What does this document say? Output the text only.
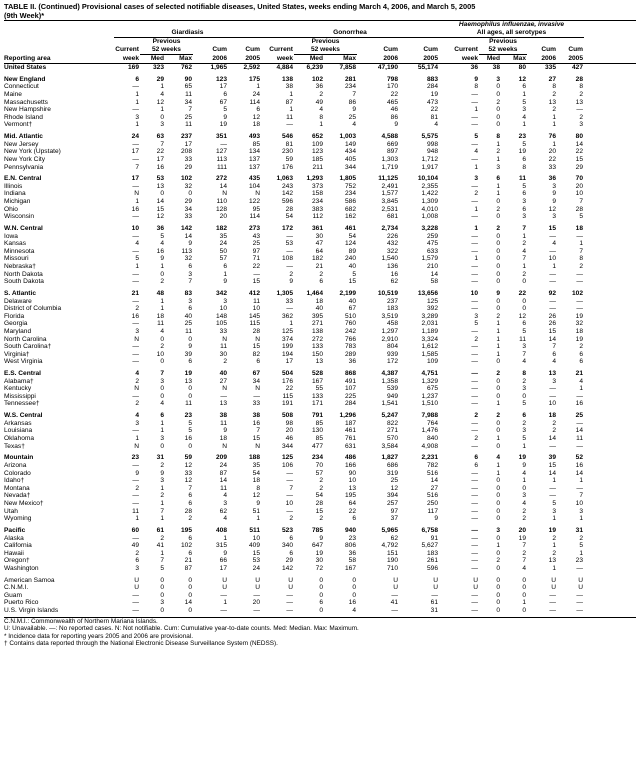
TABLE II. (Continued) Provisional cases of selected notifiable diseases, United States, weeks ending March 4, 2006, and March 5, 2005
(9th Week)*
											Haemophilus influenzae, invasive					
	Giardiasis					Gonorrhea					All ages, all serotypes					
		Previous					Previous					Previous				
	Current	52 weeks		Cum	Cum	Current	52 weeks		Cum	Cum	Current	52 weeks		Cum	Cum	
Reporting area	week	Med	Max	2006	2005	week	Med	Max	2006	2005	week	Med	Max	2006	2005	
United States	169	323	762	1,965	2,592	4,884	6,239	7,858	47,190	55,174	36	38	80	335	427	

New England	6	29	90	123	175	138	102	281	798	883	9	3	12	27	28	
Connecticut	—	1	65	17	1	38	36	234	170	284	8	0	6	8	8	
Maine	1	4	11	6	24	1	2	7	22	19	—	0	1	2	2	
Massachusetts	1	12	34	67	114	87	49	86	465	473	—	2	5	13	13	
New Hampshire	—	1	7	5	6	1	4	9	46	22	1	0	3	2	—	
Rhode Island	3	0	25	9	12	11	8	25	86	81	—	0	4	1	2	
Vermont†	1	3	11	19	18	—	1	4	9	4	—	0	1	1	3	

Mid. Atlantic	24	63	237	351	493	546	652	1,003	4,588	5,575	5	8	23	76	80	
New Jersey	—	7	17	—	85	81	109	149	669	998	—	1	5	1	14	
New York (Upstate)	17	22	208	127	134	230	123	434	897	948	4	2	19	20	22	
New York City	—	17	33	113	137	59	185	405	1,303	1,712	—	1	6	22	15	
Pennsylvania	7	16	29	111	137	176	211	344	1,719	1,917	1	3	8	33	29	

E.N. Central	17	53	102	272	435	1,063	1,293	1,805	11,125	10,104	3	6	11	36	70	
Illinois	—	13	32	14	104	243	373	752	2,491	2,355	—	1	5	3	20	
Indiana	N	0	0	N	N	142	158	234	1,577	1,422	2	1	6	9	10	
Michigan	1	14	29	110	122	596	234	586	3,845	1,309	—	0	3	9	7	
Ohio	16	15	34	128	95	28	383	682	2,531	4,010	1	2	6	12	28	
Wisconsin	—	12	33	20	114	54	112	162	681	1,008	—	0	3	3	5	

W.N. Central	10	36	142	182	273	172	361	461	2,734	3,228	1	2	7	15	18	
Iowa	—	5	14	35	43	—	30	54	226	259	—	0	1	—	—	
Kansas	4	4	9	24	25	53	47	124	432	475	—	0	2	4	1	
Minnesota	—	16	113	50	97	—	64	89	322	633	—	0	4	—	7	
Missouri	5	9	32	57	71	108	182	240	1,540	1,579	1	0	7	10	8	
Nebraska†	1	1	6	6	22	—	21	40	136	210	—	0	1	1	2	
North Dakota	—	0	3	1	—	2	2	5	16	14	—	0	2	—	—	
South Dakota	—	2	7	9	15	9	6	15	62	58	—	0	0	—	—	

S. Atlantic	21	48	83	342	412	1,305	1,464	2,199	10,519	13,656	10	9	22	92	102	
Delaware	—	1	3	3	11	33	18	40	237	125	—	0	0	—	—	
District of Columbia	2	1	6	10	10	—	40	67	183	392	—	0	0	—	—	
Florida	16	18	40	148	145	362	395	510	3,519	3,289	3	2	12	26	19	
Georgia	—	11	25	105	115	1	271	760	458	2,031	5	1	6	26	32	
Maryland	3	4	11	33	28	125	138	242	1,297	1,189	—	1	5	15	18	
North Carolina	N	0	0	N	N	374	272	766	2,910	3,324	2	1	11	14	19	
South Carolina†	—	2	9	11	15	199	133	783	804	1,612	—	1	3	7	2	
Virginia†	—	10	39	30	82	194	150	289	939	1,585	—	1	7	6	6	
West Virginia	—	0	6	2	6	17	13	36	172	109	—	0	4	4	6	

E.S. Central	4	7	19	40	67	504	528	868	4,387	4,751	—	2	8	13	21	
Alabama†	2	3	13	27	34	176	167	491	1,358	1,329	—	0	2	3	4	
Kentucky	N	0	0	N	N	22	55	107	539	675	—	0	3	—	1	
Mississippi	—	0	0	—	—	115	133	225	949	1,237	—	0	0	—	—	
Tennessee†	2	4	11	13	33	191	171	284	1,541	1,510	—	1	5	10	16	

W.S. Central	4	6	23	38	38	508	791	1,296	5,247	7,988	2	2	6	18	25	
Arkansas	3	1	5	11	16	98	85	187	822	764	—	0	2	2	—	
Louisiana	—	1	5	9	7	20	130	461	271	1,476	—	0	3	2	14	
Oklahoma	1	3	16	18	15	46	85	761	570	840	2	1	5	14	11	
Texas†	N	0	0	N	N	344	477	631	3,584	4,908	—	0	1	—	—	

Mountain	23	31	59	209	188	125	234	486	1,827	2,231	6	4	19	39	52	
Arizona	—	2	12	24	35	106	70	166	686	782	6	1	9	15	16	
Colorado	9	9	33	87	54	—	57	90	319	516	—	1	4	14	14	
Idaho†	—	3	12	14	18	—	2	10	25	14	—	0	1	1	1	
Montana	2	1	7	11	8	7	2	13	12	27	—	0	0	—	—	
Nevada†	—	2	6	4	12	—	54	195	394	516	—	0	3	—	7	
New Mexico†	—	1	6	3	9	10	28	64	257	250	—	0	4	5	10	
Utah	11	7	28	62	51	—	15	22	97	117	—	0	2	3	3	
Wyoming	1	1	2	4	1	2	2	6	37	9	—	0	2	1	1	

Pacific	60	61	195	408	511	523	785	940	5,965	6,758	—	3	20	19	31	
Alaska	—	2	6	1	10	6	9	23	62	91	—	0	19	2	2	
California	49	41	102	315	409	340	647	806	4,792	5,627	—	1	7	1	5	
Hawaii	2	1	6	9	15	6	19	36	151	183	—	0	2	2	1	
Oregon†	6	7	21	66	53	29	30	58	190	261	—	2	7	13	23	
Washington	3	5	87	17	24	142	72	167	710	596	—	0	4	1	—	

American Samoa	U	0	0	U	U	U	0	0	U	U	U	0	0	U	U	
C.N.M.I.	U	0	0	U	U	U	0	0	U	U	U	0	0	U	U	
Guam	—	0	0	—	—	—	0	0	—	—	—	0	0	—	—	
Puerto Rico	—	3	14	1	20	—	6	16	41	61	—	0	1	—	—	
U.S. Virgin Islands	—	0	0	—	—	—	0	4	—	31	—	0	0	—	—	
C.N.M.I.: Commonwealth of Northern Mariana Islands.
U: Unavailable. —: No reported cases. N: Not notifiable. Cum: Cumulative year-to-date counts. Med: Median. Max: Maximum.
* Incidence data for reporting years 2005 and 2006 are provisional.
† Contains data reported through the National Electronic Disease Surveillance System (NEDSS).
